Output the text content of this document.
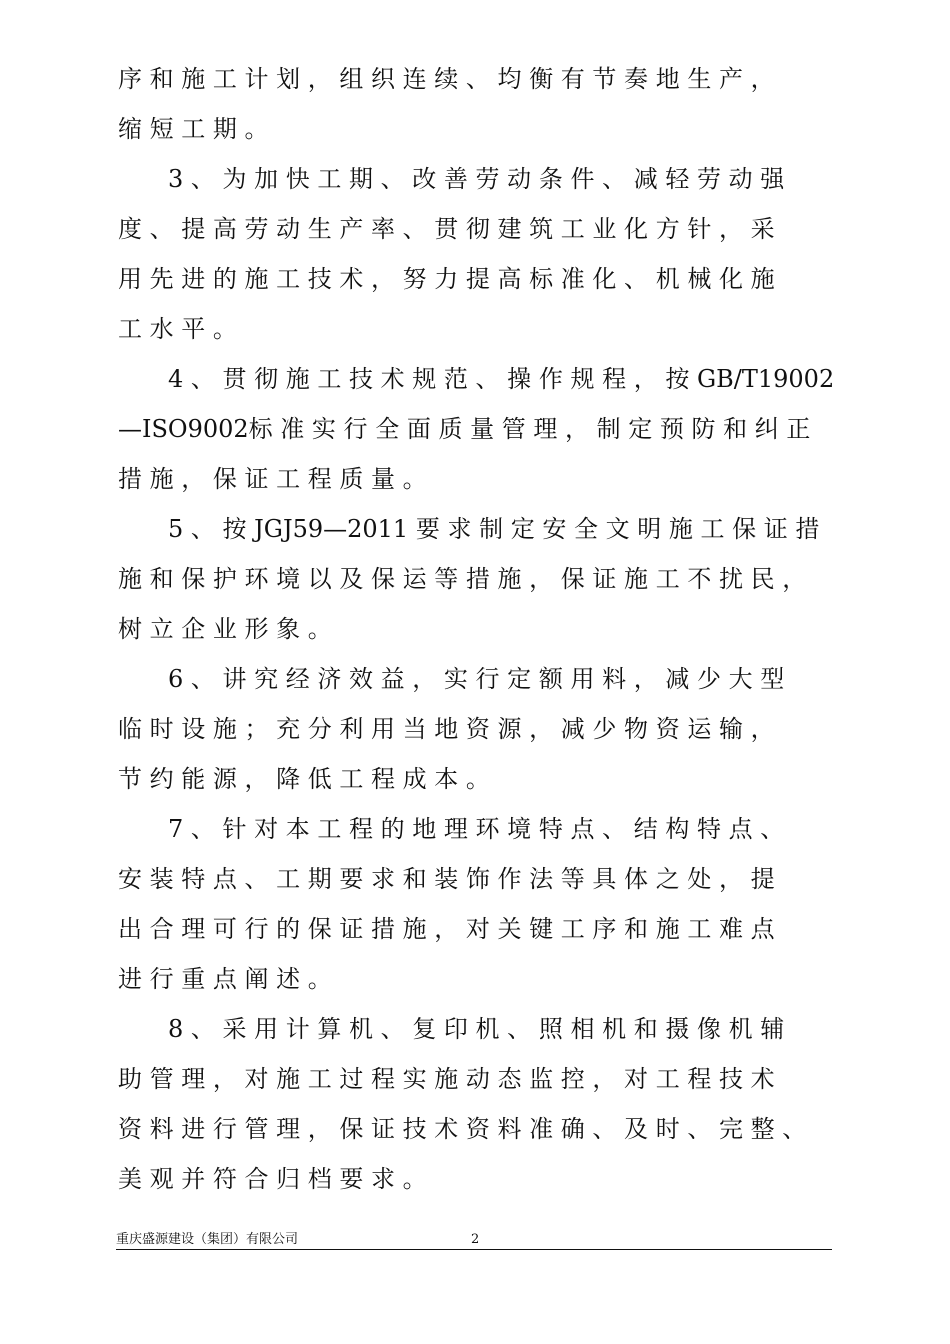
序 和 施 工 计 划 ， 组 织 连 续 、 均 衡 有 节 奏 地 生 产 ，
缩 短 工 期 。
3 、 为 加 快 工 期 、 改 善 劳 动 条 件 、 减 轻 劳 动 强
度 、 提 高 劳 动 生 产 率 、 贯 彻 建 筑 工 业 化 方 针 ， 采
用 先 进 的 施 工 技 术 ， 努 力 提 高 标 准 化 、 机 械 化 施
工 水 平 。
4 、 贯 彻 施 工 技 术 规 范 、 操 作 规 程 ， 按 GB/T19002
—ISO9002标 准 实 行 全 面 质 量 管 理 ， 制 定 预 防 和 纠 正
措 施 ， 保 证 工 程 质 量 。
5 、 按 JGJ59—2011 要 求 制 定 安 全 文 明 施 工 保 证 措
施 和 保 护 环 境 以 及 保 运 等 措 施 ， 保 证 施 工 不 扰 民 ，
树 立 企 业 形 象 。
6 、 讲 究 经 济 效 益 ， 实 行 定 额 用 料 ， 减 少 大 型
临 时 设 施 ； 充 分 利 用 当 地 资 源 ， 减 少 物 资 运 输 ，
节 约 能 源 ， 降 低 工 程 成 本 。
7 、 针 对 本 工 程 的 地 理 环 境 特 点 、 结 构 特 点 、
安 装 特 点 、 工 期 要 求 和 装 饰 作 法 等 具 体 之 处 ， 提
出 合 理 可 行 的 保 证 措 施 ， 对 关 键 工 序 和 施 工 难 点
进 行 重 点 阐 述 。
8 、 采 用 计 算 机 、 复 印 机 、 照 相 机 和 摄 像 机 辅
助 管 理 ， 对 施 工 过 程 实 施 动 态 监 控 ， 对 工 程 技 术
资 料 进 行 管 理 ， 保 证 技 术 资 料 准 确 、 及 时 、 完 整 、
美 观 并 符 合 归 档 要 求 。
重庆盛源建设（集团）有限公司	2
